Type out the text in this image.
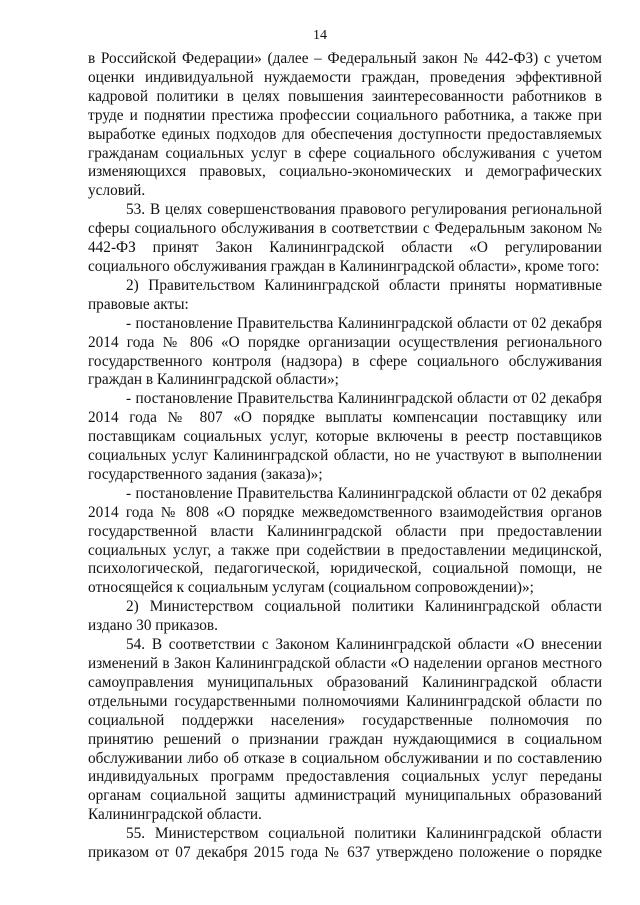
14

в Российской Федерации» (далее – Федеральный закон № 442-ФЗ) с учетом оценки индивидуальной нуждаемости граждан, проведения эффективной кадровой политики в целях повышения заинтересованности работников в труде и поднятии престижа профессии социального работника, а также при выработке единых подходов для обеспечения доступности предоставляемых гражданам социальных услуг в сфере социального обслуживания с учетом изменяющихся правовых, социально-экономических и демографических условий.

53. В целях совершенствования правового регулирования региональной сферы социального обслуживания в соответствии с Федеральным законом № 442-ФЗ принят Закон Калининградской области «О регулировании социального обслуживания граждан в Калининградской области», кроме того:

2) Правительством Калининградской области приняты нормативные правовые акты:

- постановление Правительства Калининградской области от 02 декабря 2014 года № 806 «О порядке организации осуществления регионального государственного контроля (надзора) в сфере социального обслуживания граждан в Калининградской области»;

- постановление Правительства Калининградской области от 02 декабря 2014 года № 807 «О порядке выплаты компенсации поставщику или поставщикам социальных услуг, которые включены в реестр поставщиков социальных услуг Калининградской области, но не участвуют в выполнении государственного задания (заказа)»;

- постановление Правительства Калининградской области от 02 декабря 2014 года № 808 «О порядке межведомственного взаимодействия органов государственной власти Калининградской области при предоставлении социальных услуг, а также при содействии в предоставлении медицинской, психологической, педагогической, юридической, социальной помощи, не относящейся к социальным услугам (социальном сопровождении)»;

2) Министерством социальной политики Калининградской области издано 30 приказов.

54. В соответствии с Законом Калининградской области «О внесении изменений в Закон Калининградской области «О наделении органов местного самоуправления муниципальных образований Калининградской области отдельными государственными полномочиями Калининградской области по социальной поддержки населения» государственные полномочия по принятию решений о признании граждан нуждающимися в социальном обслуживании либо об отказе в социальном обслуживании и по составлению индивидуальных программ предоставления социальных услуг переданы органам социальной защиты администраций муниципальных образований Калининградской области.

55. Министерством социальной политики Калининградской области приказом от 07 декабря 2015 года № 637 утверждено положение о порядке
